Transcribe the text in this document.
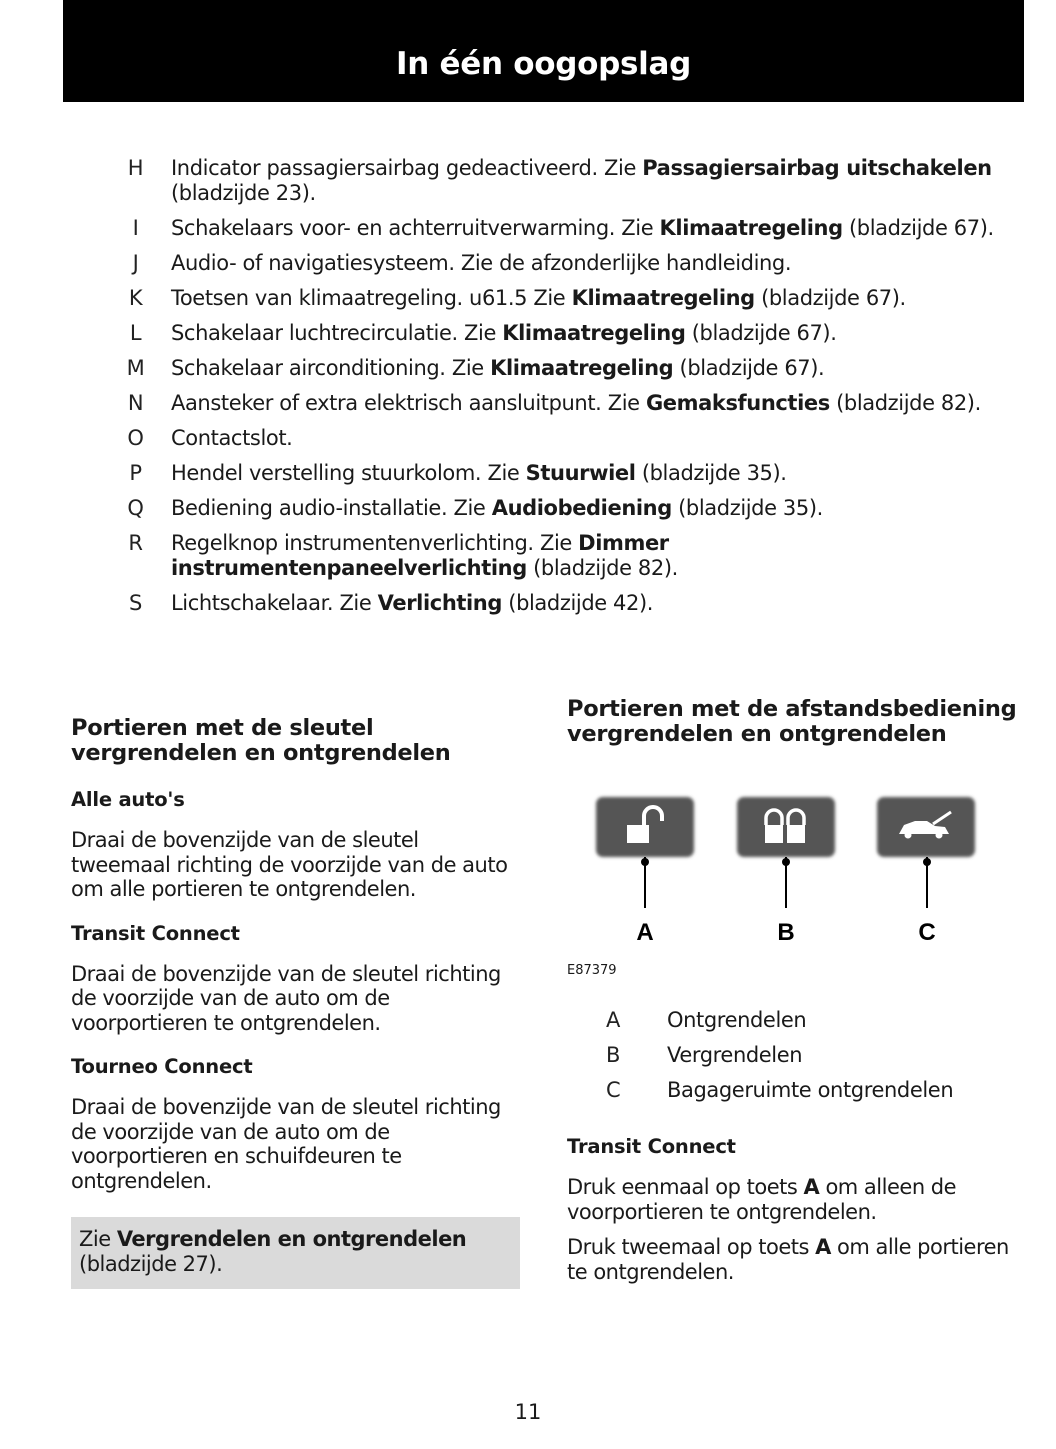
In één oogopslag
H	Indicator passagiersairbag gedeactiveerd. Zie Passagiersairbag uitschakelen (bladzijde 23).
I	Schakelaars voor- en achterruitverwarming. Zie Klimaatregeling (bladzijde 67).
J	Audio- of navigatiesysteem. Zie de afzonderlijke handleiding.
K	Toetsen van klimaatregeling. u61.5 Zie Klimaatregeling (bladzijde 67).
L	Schakelaar luchtrecirculatie. Zie Klimaatregeling (bladzijde 67).
M	Schakelaar airconditioning. Zie Klimaatregeling (bladzijde 67).
N	Aansteker of extra elektrisch aansluitpunt. Zie Gemaksfuncties (bladzijde 82).
O	Contactslot.
P	Hendel verstelling stuurkolom. Zie Stuurwiel (bladzijde 35).
Q	Bediening audio-installatie. Zie Audiobediening (bladzijde 35).
R	Regelknop instrumentenverlichting. Zie Dimmer instrumentenpaneelverlichting (bladzijde 82).
S	Lichtschakelaar. Zie Verlichting (bladzijde 42).
Portieren met de sleutel vergrendelen en ontgrendelen
Alle auto's

Draai de bovenzijde van de sleutel tweemaal richting de voorzijde van de auto om alle portieren te ontgrendelen.

Transit Connect

Draai de bovenzijde van de sleutel richting de voorzijde van de auto om de voorportieren te ontgrendelen.

Tourneo Connect

Draai de bovenzijde van de sleutel richting de voorzijde van de auto om de voorportieren en schuifdeuren te ontgrendelen.

Zie Vergrendelen en ontgrendelen (bladzijde 27).
Portieren met de afstandsbediening vergrendelen en ontgrendelen
A	B	C
E87379
A	Ontgrendelen
B	Vergrendelen
C	Bagageruimte ontgrendelen
Transit Connect

Druk eenmaal op toets A om alleen de voorportieren te ontgrendelen.

Druk tweemaal op toets A om alle portieren te ontgrendelen.

11
